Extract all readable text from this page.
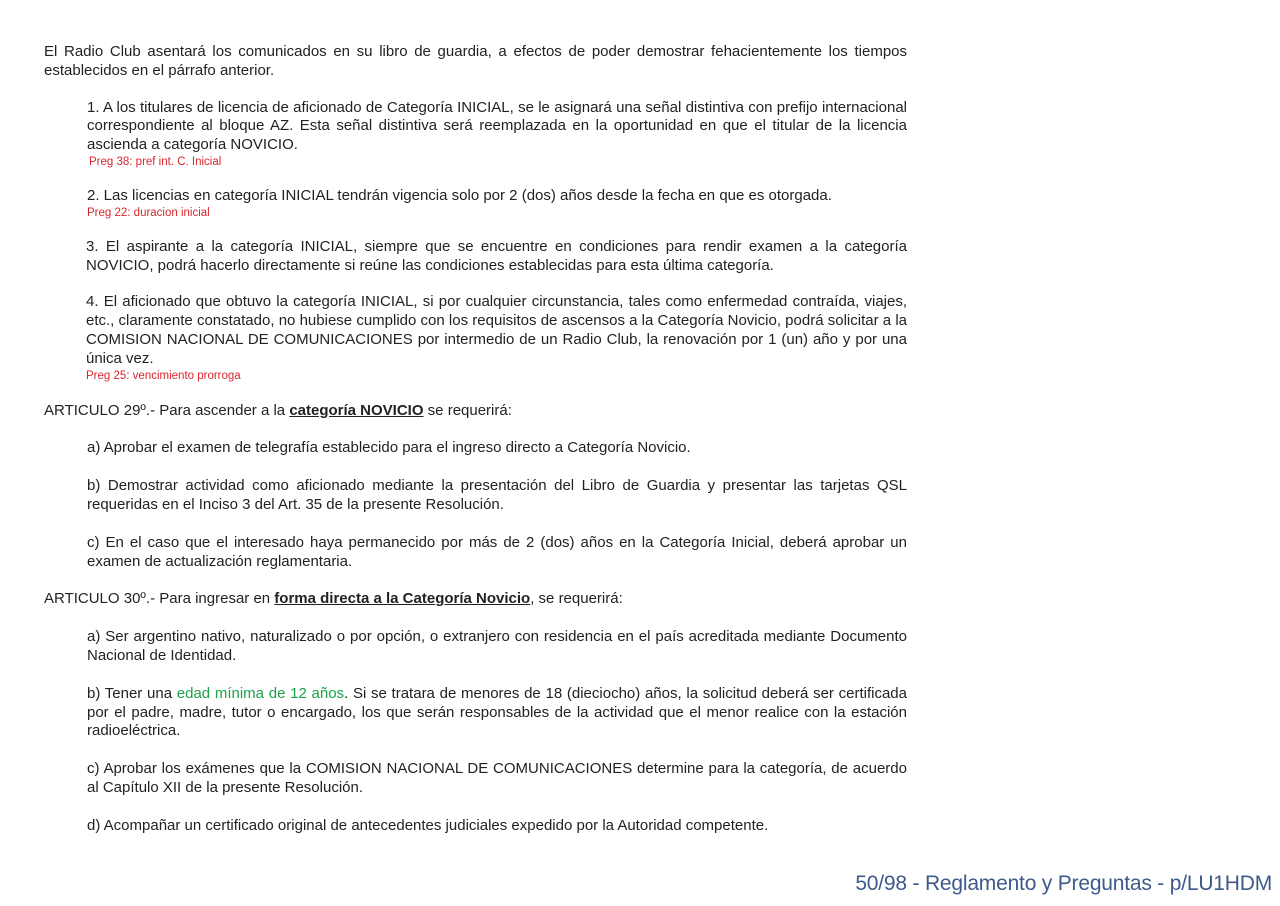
El Radio Club asentará los comunicados en su libro de guardia, a efectos de poder demostrar fehacientemente los tiempos establecidos en el párrafo anterior.

1. A los titulares de licencia de aficionado de Categoría INICIAL, se le asignará una señal distintiva con prefijo internacional correspondiente al bloque AZ. Esta señal distintiva será reemplazada en la oportunidad en que el titular de la licencia ascienda a categoría NOVICIO.

Preg 38: pref int. C. Inicial

2. Las licencias en categoría INICIAL tendrán vigencia solo por 2 (dos) años desde la fecha en que es otorgada.

Preg 22: duracion inicial

3. El aspirante a la categoría INICIAL, siempre que se encuentre en condiciones para rendir examen a la categoría NOVICIO, podrá hacerlo directamente si reúne las condiciones establecidas para esta última categoría.

4. El aficionado que obtuvo la categoría INICIAL, si por cualquier circunstancia, tales como enfermedad contraída, viajes, etc., claramente constatado, no hubiese cumplido con los requisitos de ascensos a la Categoría Novicio, podrá solicitar a la COMISION NACIONAL DE COMUNICACIONES por intermedio de un Radio Club, la renovación por 1 (un) año y por una única vez.

Preg 25: vencimiento prorroga

ARTICULO 29º.- Para ascender a la categoría NOVICIO se requerirá:

a) Aprobar el examen de telegrafía establecido para el ingreso directo a Categoría Novicio.

b) Demostrar actividad como aficionado mediante la presentación del Libro de Guardia y presentar las tarjetas QSL requeridas en el Inciso 3 del Art. 35 de la presente Resolución.

c) En el caso que el interesado haya permanecido por más de 2 (dos) años en la Categoría Inicial, deberá aprobar un examen de actualización reglamentaria.

ARTICULO 30º.- Para ingresar en forma directa a la Categoría Novicio, se requerirá:

a) Ser argentino nativo, naturalizado o por opción, o extranjero con residencia en el país acreditada mediante Documento Nacional de Identidad.

b) Tener una edad mínima de 12 años. Si se tratara de menores de 18 (dieciocho) años, la solicitud deberá ser certificada por el padre, madre, tutor o encargado, los que serán responsables de la actividad que el menor realice con la estación radioeléctrica.

c) Aprobar los exámenes que la COMISION NACIONAL DE COMUNICACIONES determine para la categoría, de acuerdo al Capítulo XII de la presente Resolución.

d) Acompañar un certificado original de antecedentes judiciales expedido por la Autoridad competente.

50/98 - Reglamento y Preguntas - p/LU1HDM
